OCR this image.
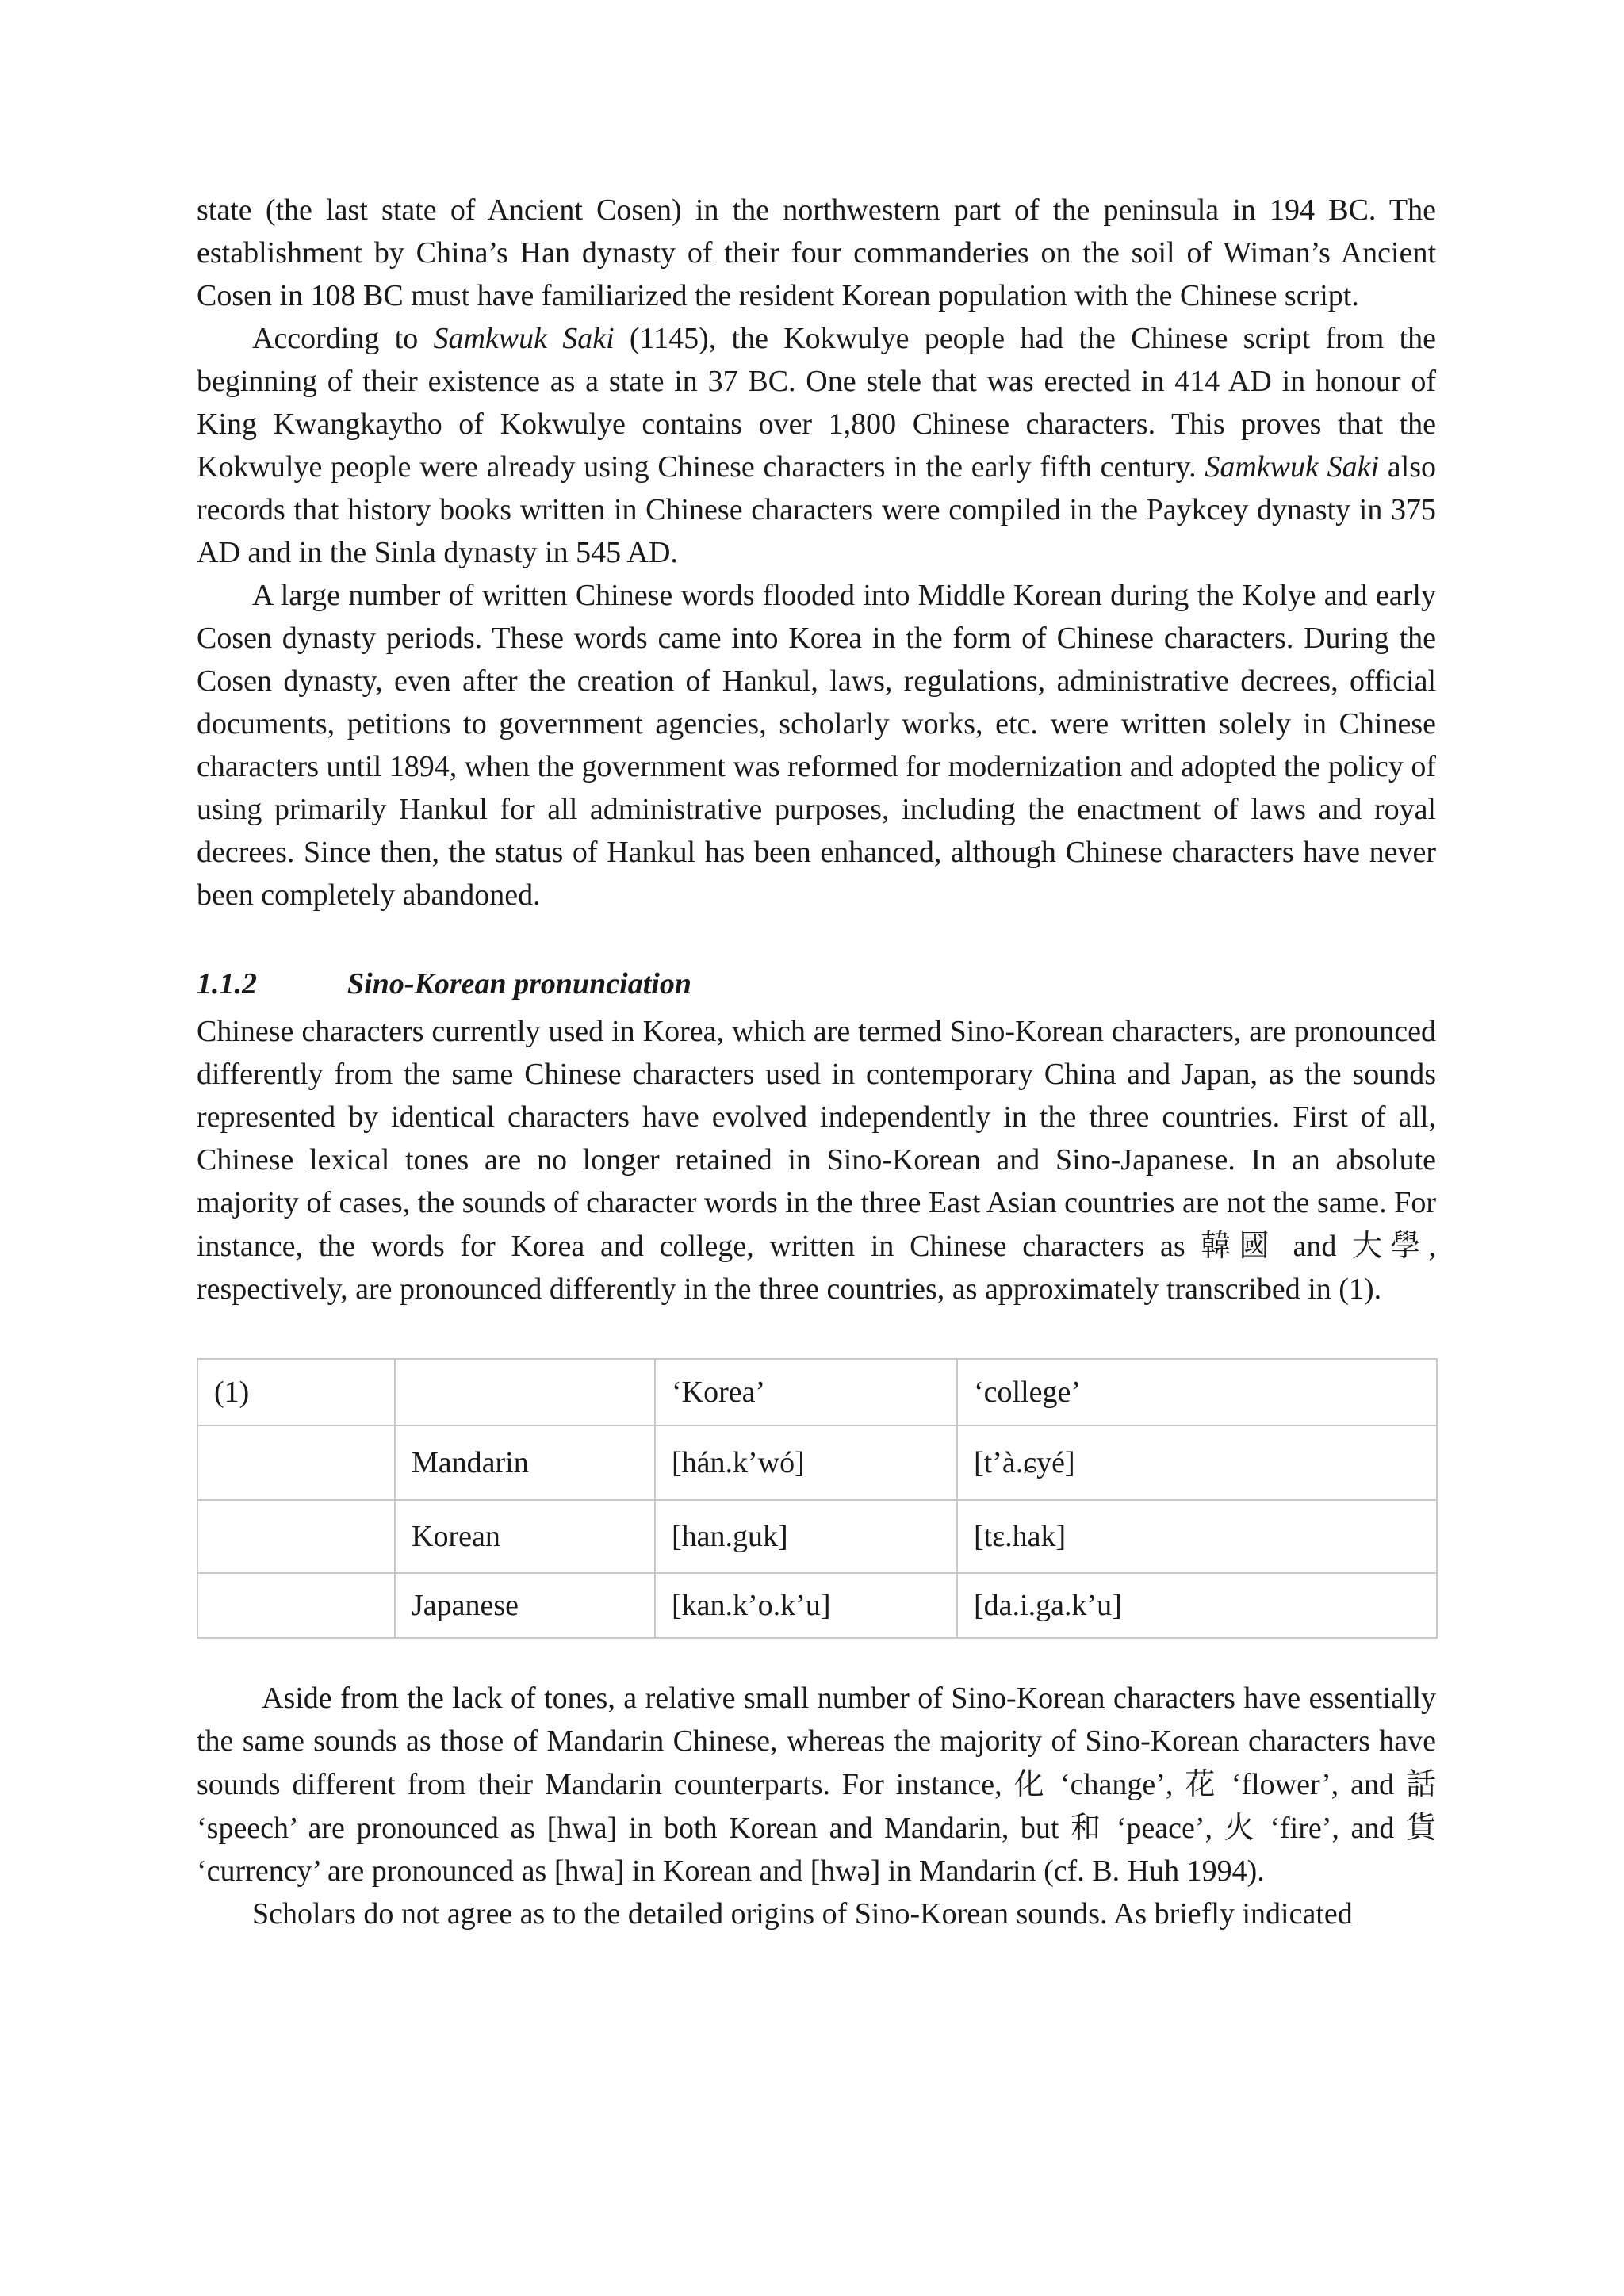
state (the last state of Ancient Cosen) in the northwestern part of the peninsula in 194 BC. The establishment by China’s Han dynasty of their four commanderies on the soil of Wiman’s Ancient Cosen in 108 BC must have familiarized the resident Korean population with the Chinese script.

According to Samkwuk Saki (1145), the Kokwulye people had the Chinese script from the beginning of their existence as a state in 37 BC. One stele that was erected in 414 AD in honour of King Kwangkaytho of Kokwulye contains over 1,800 Chinese characters. This proves that the Kokwulye people were already using Chinese characters in the early fifth century. Samkwuk Saki also records that history books written in Chinese characters were compiled in the Paykcey dynasty in 375 AD and in the Sinla dynasty in 545 AD.

A large number of written Chinese words flooded into Middle Korean during the Kolye and early Cosen dynasty periods. These words came into Korea in the form of Chinese characters. During the Cosen dynasty, even after the creation of Hankul, laws, regulations, administrative decrees, official documents, petitions to government agencies, scholarly works, etc. were written solely in Chinese characters until 1894, when the government was reformed for modernization and adopted the policy of using primarily Hankul for all administrative purposes, including the enactment of laws and royal decrees. Since then, the status of Hankul has been enhanced, although Chinese characters have never been completely abandoned.

1.1.2	Sino-Korean pronunciation

Chinese characters currently used in Korea, which are termed Sino-Korean characters, are pronounced differently from the same Chinese characters used in contemporary China and Japan, as the sounds represented by identical characters have evolved independently in the three countries. First of all, Chinese lexical tones are no longer retained in Sino-Korean and Sino-Japanese. In an absolute majority of cases, the sounds of character words in the three East Asian countries are not the same. For instance, the words for Korea and college, written in Chinese characters as 韓國 and 大學, respectively, are pronounced differently in the three countries, as approximately transcribed in (1).

(1)		‘Korea’	‘college’
	Mandarin	[hán.k’wó]	[t’à.ɕyé]
	Korean	[han.guk]	[tɛ.hak]
	Japanese	[kan.k’o.k’u]	[da.i.ga.k’u]

Aside from the lack of tones, a relative small number of Sino-Korean characters have essentially the same sounds as those of Mandarin Chinese, whereas the majority of Sino-Korean characters have sounds different from their Mandarin counterparts. For instance, 化 ‘change’, 花 ‘flower’, and 話 ‘speech’ are pronounced as [hwa] in both Korean and Mandarin, but 和 ‘peace’, 火 ‘fire’, and 貨 ‘currency’ are pronounced as [hwa] in Korean and [hwə] in Mandarin (cf. B. Huh 1994).

Scholars do not agree as to the detailed origins of Sino-Korean sounds. As briefly indicated
